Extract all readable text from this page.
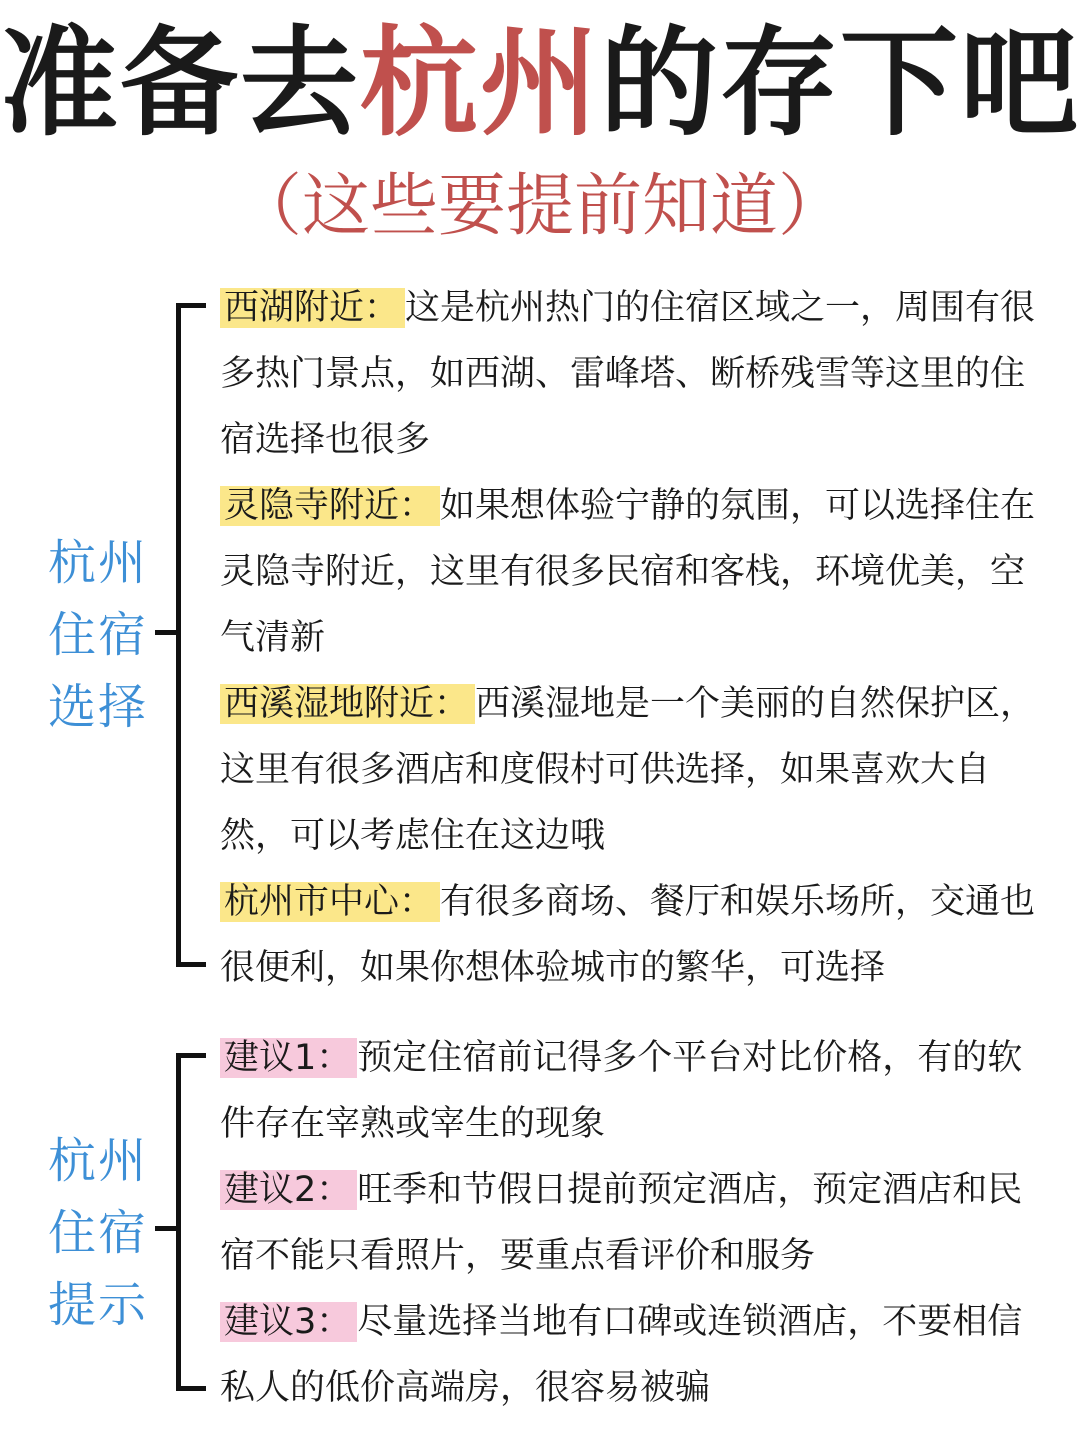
准备去杭州的存下吧
（这些要提前知道）
杭州
住宿
选择

西湖附近： 这是杭州热门的住宿区域之一，周围有很多热门景点，如西湖、雷峰塔、断桥残雪等这里的住宿选择也很多

灵隐寺附近： 如果想体验宁静的氛围，可以选择住在灵隐寺附近，这里有很多民宿和客栈，环境优美，空气清新

西溪湿地附近： 西溪湿地是一个美丽的自然保护区，这里有很多酒店和度假村可供选择，如果喜欢大自然，可以考虑住在这边哦

杭州市中心： 有很多商场、餐厅和娱乐场所，交通也很便利，如果你想体验城市的繁华，可选择

杭州
住宿
提示

建议1： 预定住宿前记得多个平台对比价格，有的软件存在宰熟或宰生的现象

建议2： 旺季和节假日提前预定酒店，预定酒店和民宿不能只看照片，要重点看评价和服务

建议3： 尽量选择当地有口碑或连锁酒店，不要相信私人的低价高端房，很容易被骗
